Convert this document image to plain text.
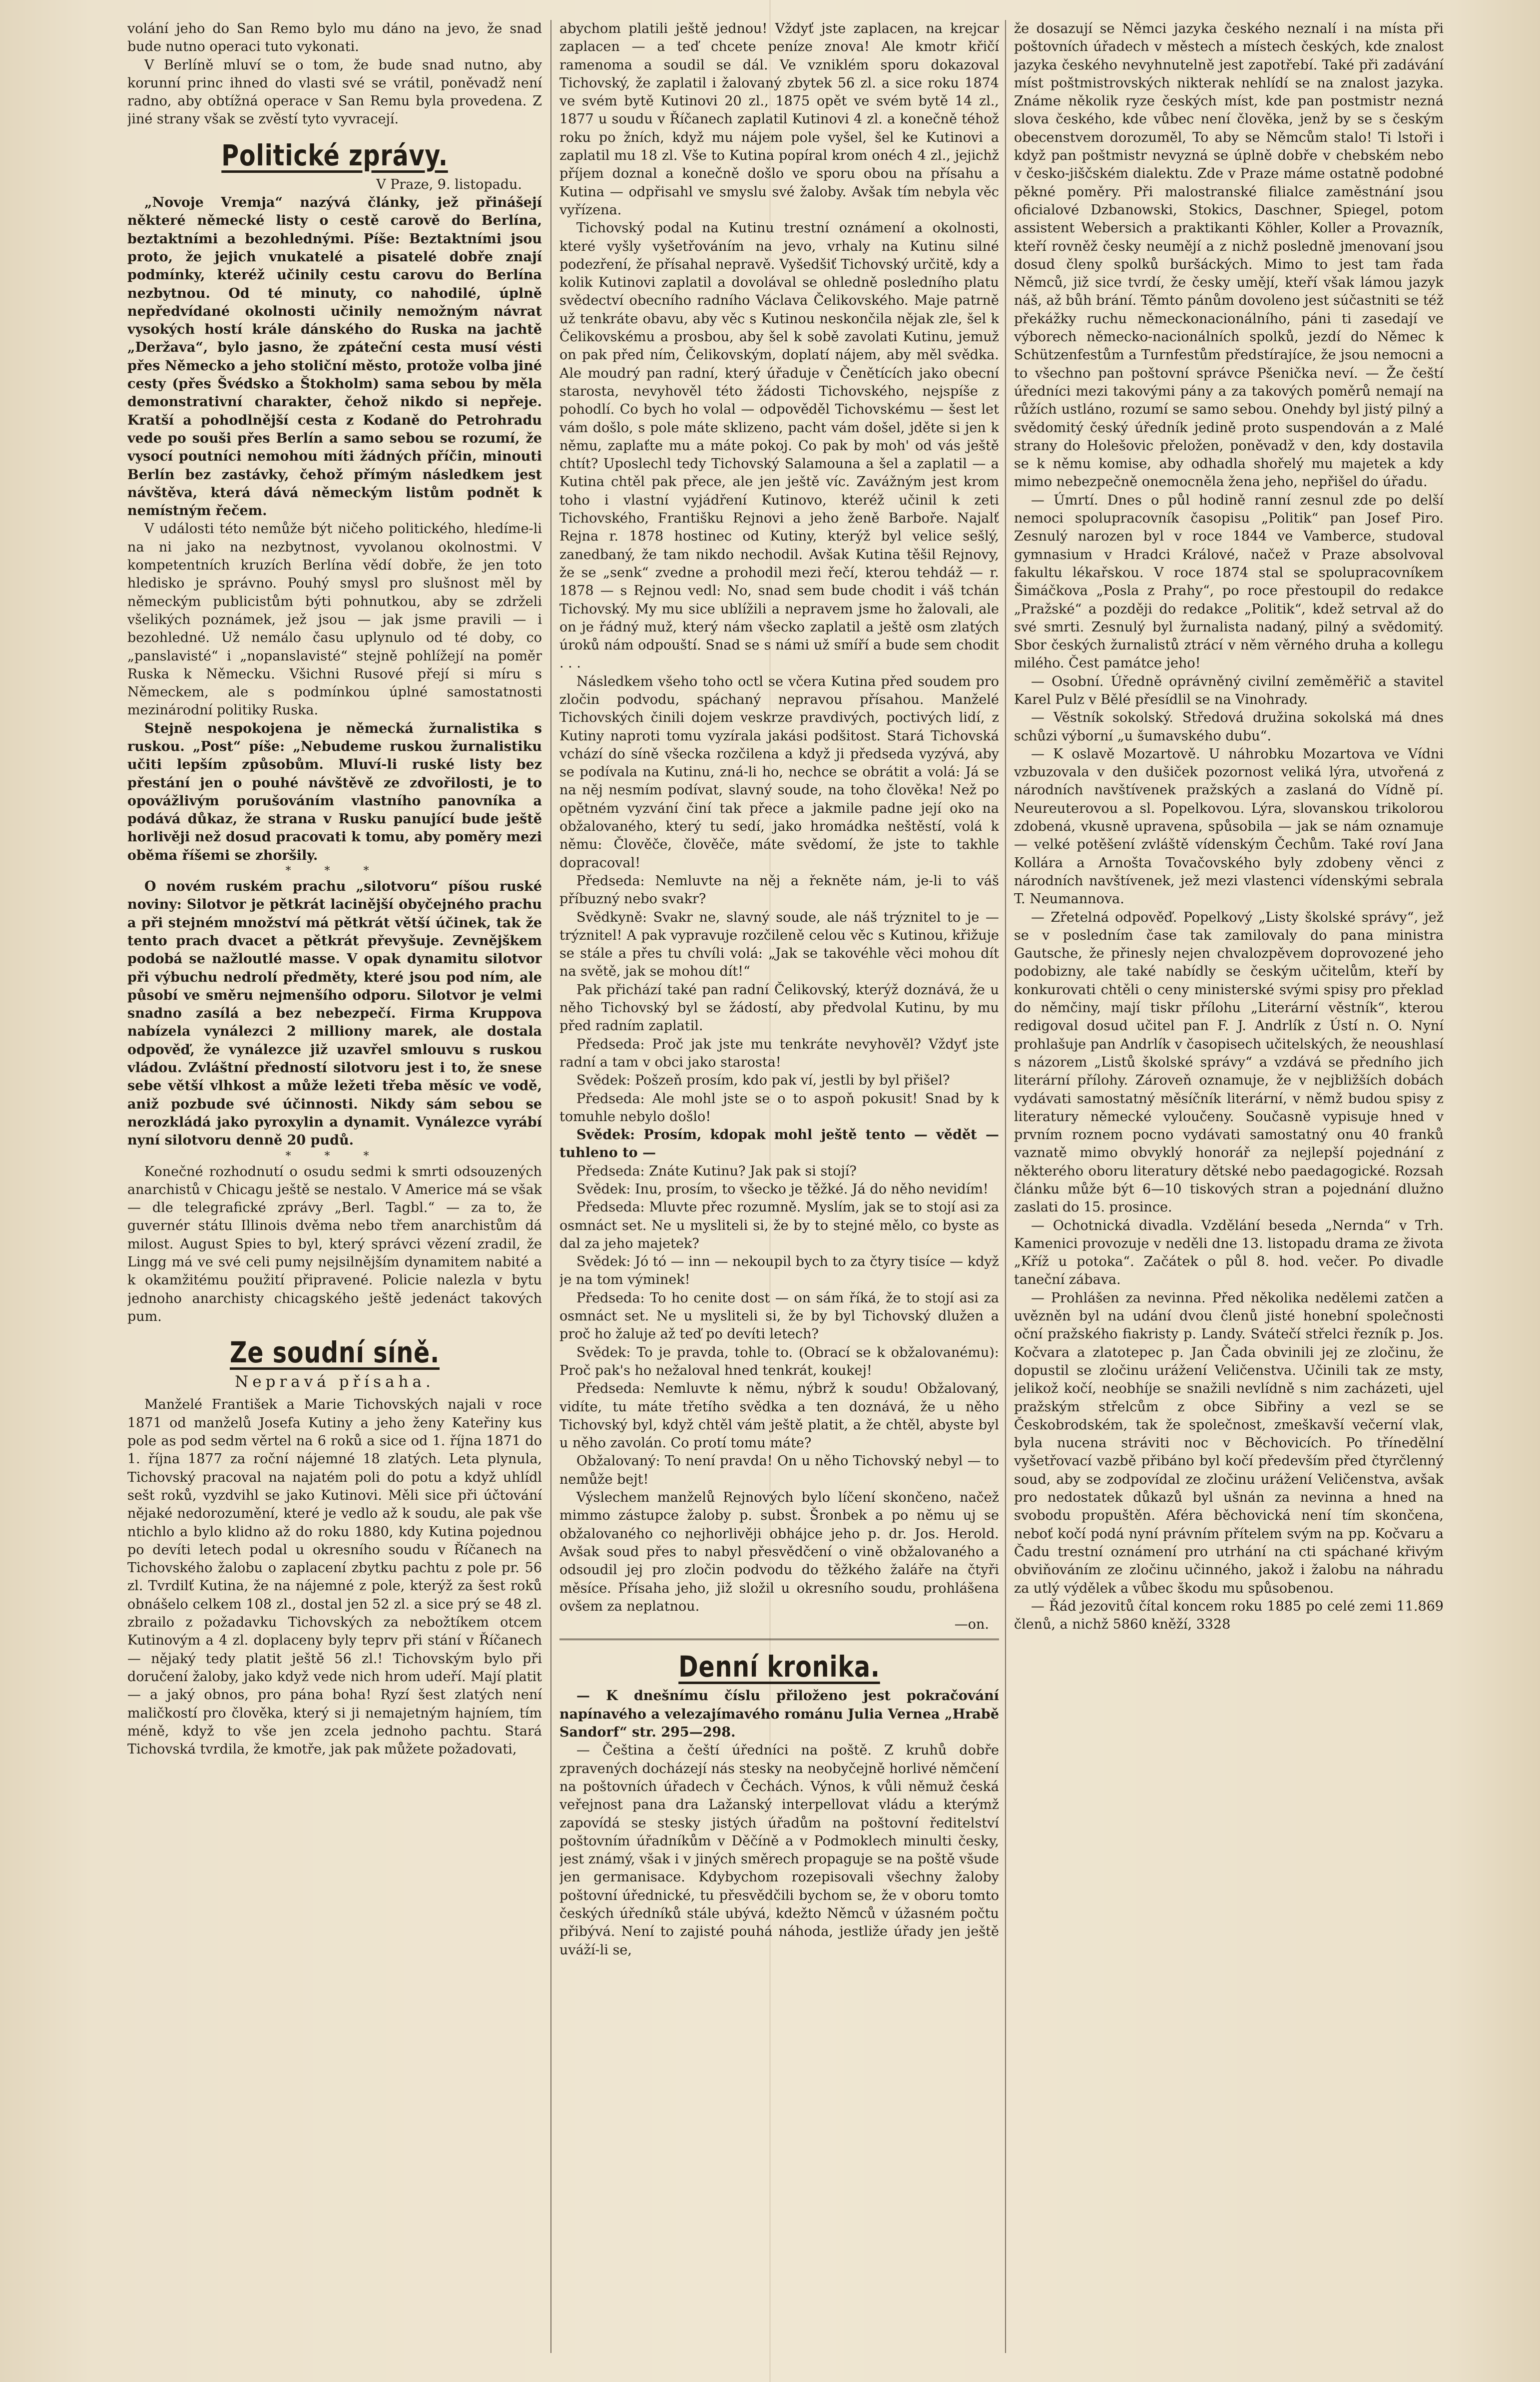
volání jeho do San Remo bylo mu dáno na jevo, že snad bude nutno operaci tuto vykonati.

V Berlíně mluví se o tom, že bude snad nutno, aby korunní princ ihned do vlasti své se vrátil, poněvadž není radno, aby obtížná operace v San Remu byla provedena. Z jiné strany však se zvěstí tyto vyvracejí.

Politické zprávy.
V Praze, 9. listopadu.

„Novoje Vremja“ nazývá články, jež přinášejí některé německé listy o cestě carově do Berlína, beztaktními a bezohlednými. Píše: Beztaktními jsou proto, že jejich vnukatelé a pisatelé dobře znají podmínky, kteréž učinily cestu carovu do Berlína nezbytnou. Od té minuty, co nahodilé, úplně nepředvídané okolnosti učinily nemožným návrat vysokých hostí krále dánského do Ruska na jachtě „Deržava“, bylo jasno, že zpáteční cesta musí vésti přes Německo a jeho stoliční město, protože volba jiné cesty (přes Švédsko a Štokholm) sama sebou by měla demonstrativní charakter, čehož nikdo si nepřeje. Kratší a pohodlnější cesta z Kodaně do Petrohradu vede po souši přes Berlín a samo sebou se rozumí, že vysocí poutníci nemohou míti žádných příčin, minouti Berlín bez zastávky, čehož přímým následkem jest návštěva, která dává německým listům podnět k nemístným řečem.

V události této nemůže být ničeho politického, hledíme-li na ni jako na nezbytnost, vyvolanou okolnostmi. V kompetentních kruzích Berlína vědí dobře, že jen toto hledisko je správno. Pouhý smysl pro slušnost měl by německým publicistům býti pohnutkou, aby se zdrželi všelikých poznámek, jež jsou — jak jsme pravili — i bezohledné. Už nemálo času uplynulo od té doby, co „panslavisté“ i „nopanslavisté“ stejně pohlížejí na poměr Ruska k Německu. Všichni Rusové přejí si míru s Německem, ale s podmínkou úplné samostatnosti mezinárodní politiky Ruska.

Stejně nespokojena je německá žurnalistika s ruskou. „Post“ píše: „Nebudeme ruskou žurnalistiku učiti lepším způsobům. Mluví-li ruské listy bez přestání jen o pouhé návštěvě ze zdvořilosti, je to opovážlivým porušováním vlastního panovníka a podává důkaz, že strana v Rusku panující bude ještě horlivěji než dosud pracovati k tomu, aby poměry mezi oběma říšemi se zhoršily.

* * *

O novém ruském prachu „silotvoru“ píšou ruské noviny: Silotvor je pětkrát lacinější obyčejného prachu a při stejném množství má pětkrát větší účinek, tak že tento prach dvacet a pětkrát převyšuje. Zevnějškem podobá se nažloutlé masse. V opak dynamitu silotvor při výbuchu nedrolí předměty, které jsou pod ním, ale působí ve směru nejmenšího odporu. Silotvor je velmi snadno zasílá a bez nebezpečí. Firma Kruppova nabízela vynálezci 2 milliony marek, ale dostala odpověď, že vynálezce již uzavřel smlouvu s ruskou vládou. Zvláštní předností silotvoru jest i to, že snese sebe větší vlhkost a může ležeti třeba měsíc ve vodě, aniž pozbude své účinnosti. Nikdy sám sebou se nerozkládá jako pyroxylin a dynamit. Vynálezce vyrábí nyní silotvoru denně 20 pudů.

* * *

Konečné rozhodnutí o osudu sedmi k smrti odsouzených anarchistů v Chicagu ještě se nestalo. V Americe má se však — dle telegrafické zprávy „Berl. Tagbl.“ — za to, že guvernér státu Illinois dvěma nebo třem anarchistům dá milost. August Spies to byl, který správci vězení zradil, že Lingg má ve své celi pumy nejsilnějším dynamitem nabité a k okamžitému použití připravené. Policie nalezla v bytu jednoho anarchisty chicagského ještě jedenáct takových pum.

Ze soudní síně.
Nepravá přísaha.

Manželé František a Marie Tichovských najali v roce 1871 od manželů Josefa Kutiny a jeho ženy Kateřiny kus pole as pod sedm věrtel na 6 roků a sice od 1. října 1871 do 1. října 1877 za roční nájemné 18 zlatých. Leta plynula, Tichovský pracoval na najatém poli do potu a když uhlídl sešt roků, vyzdvihl se jako Kutinovi. Měli sice při účtování nějaké nedorozumění, které je vedlo až k soudu, ale pak vše ntichlo a bylo klidno až do roku 1880, kdy Kutina pojednou po devíti letech podal u okresního soudu v Říčanech na Tichovského žalobu o zaplacení zbytku pachtu z pole pr. 56 zl. Tvrdilť Kutina, že na nájemné z pole, kterýž za šest roků obnášelo celkem 108 zl., dostal jen 52 zl. a sice prý se 48 zl. zbrailo z požadavku Tichovských za nebožtíkem otcem Kutinovým a 4 zl. doplaceny byly teprv při stání v Říčanech — nějaký tedy platit ještě 56 zl.! Tichovským bylo při doručení žaloby, jako když vede nich hrom udeří. Mají platit — a jaký obnos, pro pána boha! Ryzí šest zlatých není maličkostí pro člověka, který si ji nemajetným hajníem, tím méně, když to vše jen zcela jednoho pachtu. Stará Tichovská tvrdila, že kmotře, jak pak můžete požadovati,

abychom platili ještě jednou! Vždyť jste zaplacen, na krejcar zaplacen — a teď chcete peníze znova! Ale kmotr křičí ramenoma a soudil se dál. Ve vzniklém sporu dokazoval Tichovský, že zaplatil i žalovaný zbytek 56 zl. a sice roku 1874 ve svém bytě Kutinovi 20 zl., 1875 opět ve svém bytě 14 zl., 1877 u soudu v Říčanech zaplatil Kutinovi 4 zl. a konečně téhož roku po žních, když mu nájem pole vyšel, šel ke Kutinovi a zaplatil mu 18 zl. Vše to Kutina popíral krom onéch 4 zl., jejichž příjem doznal a konečně došlo ve sporu obou na přísahu a Kutina — odpřisahl ve smyslu své žaloby. Avšak tím nebyla věc vyřízena.

Tichovský podal na Kutinu trestní oznámení a okolnosti, které vyšly vyšetřováním na jevo, vrhaly na Kutinu silné podezření, že přísahal nepravě. Vyšedšiť Tichovský určitě, kdy a kolik Kutinovi zaplatil a dovolával se ohledně posledního platu svědectví obecního radního Václava Čelikovského. Maje patrně už tenkráte obavu, aby věc s Kutinou neskončila nějak zle, šel k Čelikovskému a prosbou, aby šel k sobě zavolati Kutinu, jemuž on pak před ním, Čelikovským, doplatí nájem, aby měl svědka. Ale moudrý pan radní, který úřaduje v Čenětících jako obecní starosta, nevyhověl této žádosti Tichovského, nejspíše z pohodlí. Co bych ho volal — odpověděl Tichovskému — šest let vám došlo, s pole máte sklizeno, pacht vám došel, jděte si jen k němu, zaplaťte mu a máte pokoj. Co pak by moh' od vás ještě chtít? Uposlechl tedy Tichovský Salamouna a šel a zaplatil — a Kutina chtěl pak přece, ale jen ještě víc. Zavážným jest krom toho i vlastní vyjádření Kutinovo, kteréž učinil k zeti Tichovského, Františku Rejnovi a jeho ženě Barboře. Najalť Rejna r. 1878 hostinec od Kutiny, kterýž byl velice sešlý, zanedbaný, že tam nikdo nechodil. Avšak Kutina těšil Rejnovy, že se „senk“ zvedne a prohodil mezi řečí, kterou tehdáž — r. 1878 — s Rejnou vedl: No, snad sem bude chodit i váš tchán Tichovský. My mu sice ublížili a nepravem jsme ho žalovali, ale on je řádný muž, který nám všecko zaplatil a ještě osm zlatých úroků nám odpouští. Snad se s námi už smíří a bude sem chodit . . .

Následkem všeho toho octl se včera Kutina před soudem pro zločin podvodu, spáchaný nepravou přísahou. Manželé Tichovských činili dojem veskrze pravdivých, poctivých lidí, z Kutiny naproti tomu vyzírala jakási podšitost. Stará Tichovská vchází do síně všecka rozčilena a když ji předseda vyzývá, aby se podívala na Kutinu, zná-li ho, nechce se obrátit a volá: Já se na něj nesmím podívat, slavný soude, na toho člověka! Než po opětném vyzvání činí tak přece a jakmile padne její oko na obžalovaného, který tu sedí, jako hromádka neštěstí, volá k němu: Člověče, člověče, máte svědomí, že jste to takhle dopracoval!

Předseda: Nemluvte na něj a řekněte nám, je-li to váš příbuzný nebo svakr?

Svědkyně: Svakr ne, slavný soude, ale náš trýznitel to je — trýznitel! A pak vypravuje rozčileně celou věc s Kutinou, křižuje se stále a přes tu chvíli volá: „Jak se takovéhle věci mohou dít na světě, jak se mohou dít!“

Pak přichází také pan radní Čelikovský, kterýž doznává, že u něho Tichovský byl se žádostí, aby předvolal Kutinu, by mu před radním zaplatil.

Předseda: Proč jak jste mu tenkráte nevyhověl? Vždyť jste radní a tam v obci jako starosta!

Svědek: Pošzeň prosím, kdo pak ví, jestli by byl přišel?

Předseda: Ale mohl jste se o to aspoň pokusit! Snad by k tomuhle nebylo došlo!

Svědek: Prosím, kdopak mohl ještě tento — vědět — tuhleno to —

Předseda: Znáte Kutinu? Jak pak si stojí?

Svědek: Inu, prosím, to všecko je těžké. Já do něho nevidím!

Předseda: Mluvte přec rozumně. Myslím, jak se to stojí asi za osmnáct set. Ne u mysliteli si, že by to stejné mělo, co byste as dal za jeho majetek?

Svědek: Jó tó — inn — nekoupil bych to za čtyry tisíce — když je na tom výminek!

Předseda: To ho cenite dost — on sám říká, že to stojí asi za osmnáct set. Ne u mysliteli si, že by byl Tichovský dlužen a proč ho žaluje až teď po devíti letech?

Svědek: To je pravda, tohle to. (Obrací se k obžalovanému): Proč pak's ho nežaloval hned tenkrát, koukej!

Předseda: Nemluvte k němu, nýbrž k soudu! Obžalovaný, vidíte, tu máte třetího svědka a ten doznává, že u něho Tichovský byl, když chtěl vám ještě platit, a že chtěl, abyste byl u něho zavolán. Co protí tomu máte?

Obžalovaný: To není pravda! On u něho Tichovský nebyl — to nemůže bejt!

Výslechem manželů Rejnových bylo líčení skončeno, načež mimmo zástupce žaloby p. subst. Šronbek a po němu uj se obžalovaného co nejhorlivěji obhájce jeho p. dr. Jos. Herold. Avšak soud přes to nabyl přesvědčení o vině obžalovaného a odsoudil jej pro zločin podvodu do těžkého žaláře na čtyři měsíce. Přísaha jeho, již složil u okresního soudu, prohlášena ovšem za neplatnou.

—on.
Denní kronika.

— K dnešnímu číslu přiloženo jest pokračování napínavého a velezajímavého románu Julia Vernea „Hrabě Sandorf“ str. 295—298.

— Čeština a čeští úředníci na poště. Z kruhů dobře zpravených docházejí nás stesky na neobyčejně horlivé němčení na poštovních úřadech v Čechách. Výnos, k vůli němuž česká veřejnost pana dra Lažanský interpellovat vládu a kterýmž zapovídá se stesky jistých úřadům na poštovní ředitelství poštovním úřadníkům v Děčíně a v Podmoklech minulti česky, jest známý, však i v jiných směrech propaguje se na poště všude jen germanisace. Kdybychom rozepisovali všechny žaloby poštovní úřednické, tu přesvědčili bychom se, že v oboru tomto českých úředníků stále ubývá, kdežto Němců v úžasném počtu přibývá. Není to zajisté pouhá náhoda, jestliže úřady jen ještě uváží-li se,

že dosazují se Němci jazyka českého neznalí i na místa při poštovních úřadech v městech a místech českých, kde znalost jazyka českého nevyhnutelně jest zapotřebí. Také při zadávání míst poštmistrovských nikterak nehlídí se na znalost jazyka. Známe několik ryze českých míst, kde pan postmistr nezná slova českého, kde vůbec není člověka, jenž by se s českým obecenstvem dorozuměl, To aby se Němcům stalo! Ti lstoři i když pan poštmistr nevyzná se úplně dobře v chebském nebo v česko-jiščském dialektu. Zde v Praze máme ostatně podobné pěkné poměry. Při malostranské filialce zaměstnání jsou oficialové Dzbanowski, Stokics, Daschner, Spiegel, potom assistent Webersich a praktikanti Köhler, Koller a Provazník, kteří rovněž česky neumějí a z nichž posledně jmenovaní jsou dosud členy spolků buršáckých. Mimo to jest tam řada Němců, již sice tvrdí, že česky umějí, kteří však lámou jazyk náš, až bůh brání. Těmto pánům dovoleno jest súčastniti se též překážky ruchu německonacionálního, páni ti zasedají ve výborech německo-nacionálních spolků, jezdí do Němec k Schützenfestům a Turnfestům předstírajíce, že jsou nemocni a to všechno pan poštovní správce Pšenička neví. — Že čeští úředníci mezi takovými pány a za takových poměrů nemají na růžích ustláno, rozumí se samo sebou. Onehdy byl jistý pilný a svědomitý český úředník jedině proto suspendován a z Malé strany do Holešovic přeložen, poněvadž v den, kdy dostavila se k němu komise, aby odhadla shořelý mu majetek a kdy mimo nebezpečně onemocněla žena jeho, nepřišel do úřadu.

— Úmrtí. Dnes o půl hodině ranní zesnul zde po delší nemoci spolupracovník časopisu „Politik“ pan Josef Piro. Zesnulý narozen byl v roce 1844 ve Vamberce, studoval gymnasium v Hradci Králové, načež v Praze absolvoval fakultu lékařskou. V roce 1874 stal se spolupracovníkem Šimáčkova „Posla z Prahy“, po roce přestoupil do redakce „Pražské“ a později do redakce „Politik“, kdež setrval až do své smrti. Zesnulý byl žurnalista nadaný, pilný a svědomitý. Sbor českých žurnalistů ztrácí v něm věrného druha a kollegu milého. Čest památce jeho!

— Osobní. Úředně oprávněný civilní zeměměřič a stavitel Karel Pulz v Bělé přesídlil se na Vinohrady.

— Věstník sokolský. Středová družina sokolská má dnes schůzi výborní „u šumavského dubu“.

— K oslavě Mozartově. U náhrobku Mozartova ve Vídni vzbuzovala v den dušiček pozornost veliká lýra, utvořená z národních navštívenek pražských a zaslaná do Vídně pí. Neureuterovou a sl. Popelkovou. Lýra, slovanskou trikolorou zdobená, vkusně upravena, spůsobila — jak se nám oznamuje — velké potěšení zvláště vídenským Čechům. Také roví Jana Kollára a Arnošta Tovačovského byly zdobeny věnci z národních navštívenek, jež mezi vlastenci vídenskými sebrala T. Neumannova.

— Zřetelná odpověď. Popelkový „Listy školské správy“, jež se v posledním čase tak zamilovaly do pana ministra Gautsche, že přinesly nejen chvalozpěvem doprovozené jeho podobizny, ale také nabídly se českým učitelům, kteří by konkurovati chtěli o ceny ministerské svými spisy pro překlad do němčiny, mají tiskr přílohu „Literární věstník“, kterou redigoval dosud učitel pan F. J. Andrlík z Ústí n. O. Nyní prohlašuje pan Andrlík v časopisech učitelských, že neoushlasí s názorem „Listů školské správy“ a vzdává se předního jich literární přílohy. Zároveň oznamuje, že v nejbližších dobách vydávati samostatný měsíčník literární, v němž budou spisy z literatury německé vyloučeny. Současně vypisuje hned v prvním roznem pocno vydávati samostatný onu 40 franků vaznatě mimo obvyklý honorář za nejlepší pojednání z některého oboru literatury dětské nebo paedagogické. Rozsah článku může být 6—10 tiskových stran a pojednání dlužno zaslati do 15. prosince.

— Ochotnická divadla. Vzdělání beseda „Nernda“ v Trh. Kamenici provozuje v neděli dne 13. listopadu drama ze života „Kříž u potoka“. Začátek o půl 8. hod. večer. Po divadle taneční zábava.

— Prohlášen za nevinna. Před několika nedělemi zatčen a uvězněn byl na udání dvou členů jisté honební společnosti oční pražského fiakristy p. Landy. Svátečí střelci řezník p. Jos. Kočvara a zlatotepec p. Jan Čada obvinili jej ze zločinu, že dopustil se zločinu urážení Veličenstva. Učinili tak ze msty, jelikož kočí, neobhíje se snažili nevlídně s nim zacházeti, ujel pražským střelcům z obce Sibřiny a vezl se se Českobrodském, tak že společnost, zmeškavší večerní vlak, byla nucena stráviti noc v Běchovicích. Po třínedělní vyšetřovací vazbě přibáno byl kočí především před čtyrčlenný soud, aby se zodpovídal ze zločinu urážení Veličenstva, avšak pro nedostatek důkazů byl ušnán za nevinna a hned na svobodu propuštěn. Aféra běchovická není tím skončena, neboť kočí podá nyní právním přítelem svým na pp. Kočvaru a Čadu trestní oznámení pro utrhání na cti spáchané křivým obviňováním ze zločinu učinného, jakož i žalobu na náhradu za utlý výdělek a vůbec škodu mu spůsobenou.

— Řád jezovitů čítal koncem roku 1885 po celé zemi 11.869 členů, a nichž 5860 kněží, 3328
